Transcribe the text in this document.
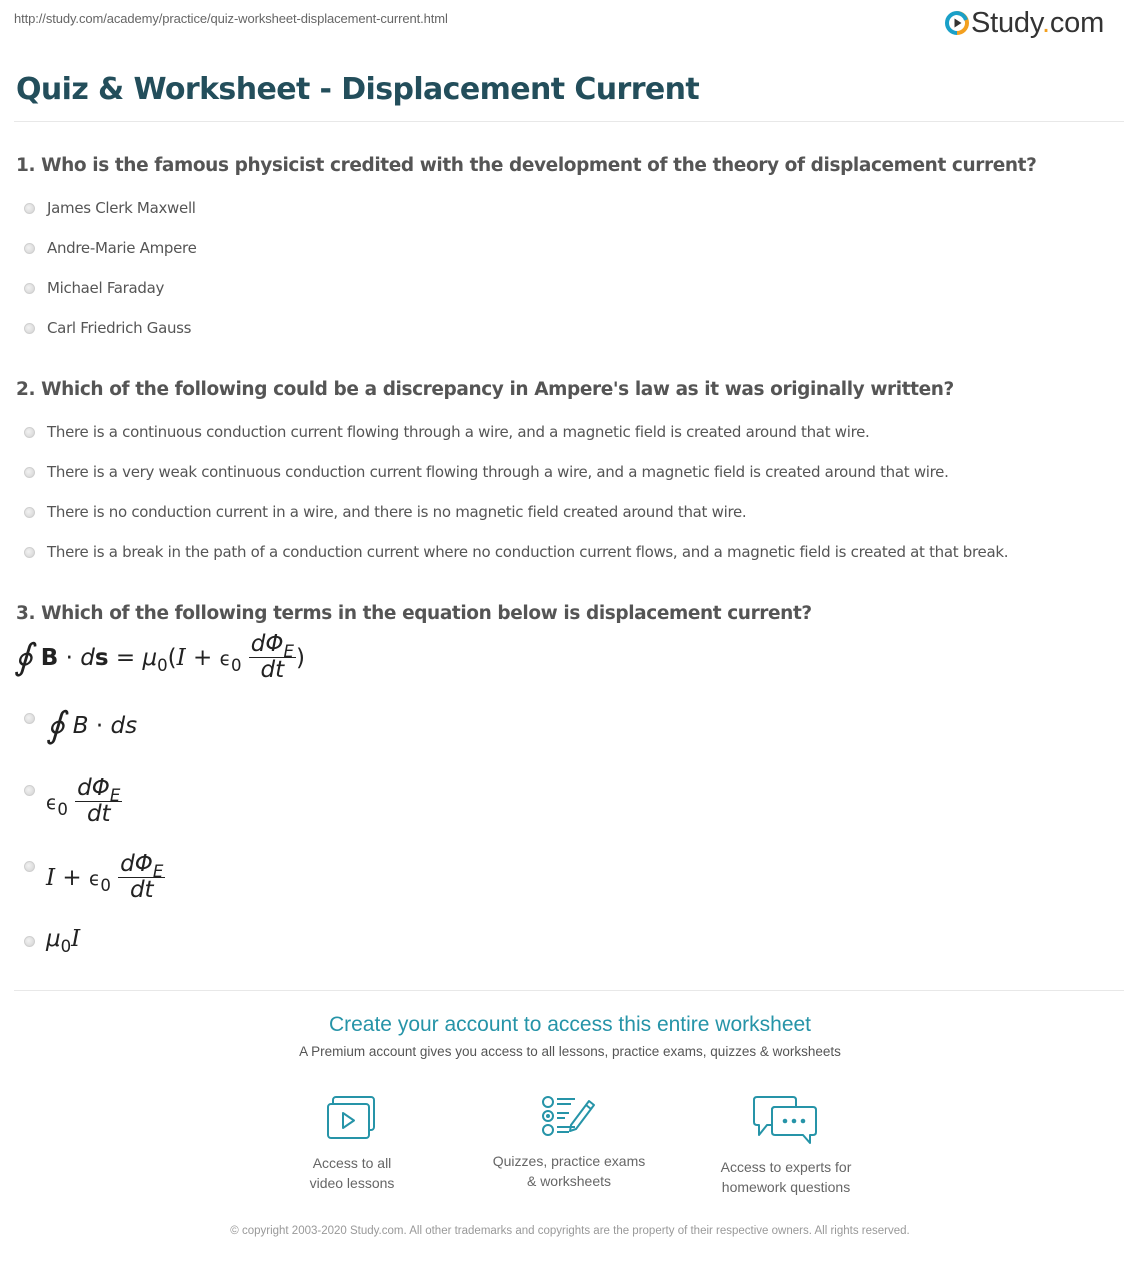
http://study.com/academy/practice/quiz-worksheet-displacement-current.html	Study.com
Quiz & Worksheet - Displacement Current
1. Who is the famous physicist credited with the development of the theory of displacement current?
James Clerk Maxwell
Andre-Marie Ampere
Michael Faraday
Carl Friedrich Gauss
2. Which of the following could be a discrepancy in Ampere's law as it was originally written?
There is a continuous conduction current flowing through a wire, and a magnetic field is created around that wire.
There is a very weak continuous conduction current flowing through a wire, and a magnetic field is created around that wire.
There is no conduction current in a wire, and there is no magnetic field created around that wire.
There is a break in the path of a conduction current where no conduction current flows, and a magnetic field is created at that break.
3. Which of the following terms in the equation below is displacement current?
∮ B · ds = $\mu_0(I + \epsilon_0 \frac{d\Phi_E}{dt}$ )
∮ B · ds
$\epsilon_0 \frac{d\Phi_E}{dt}$
$I + \epsilon_0 \frac{d\Phi_E}{dt}$
$\mu_0I$
Create your account to access this entire worksheet
A Premium account gives you access to all lessons, practice exams, quizzes & worksheets
Access to all
video lessons
Quizzes, practice exams
& worksheets
Access to experts for
homework questions
© copyright 2003-2020 Study.com. All other trademarks and copyrights are the property of their respective owners. All rights reserved.
